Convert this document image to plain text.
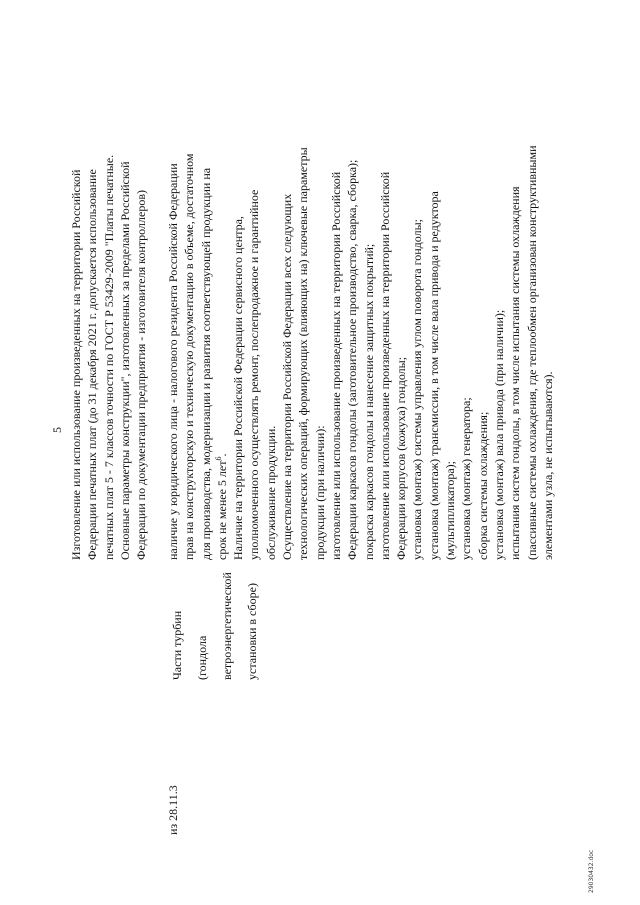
5
из 28.11.3
Части турбин (гондола ветроэнергетической установки в сборе)
Изготовление или использование произведенных на территории Российской Федерации печатных плат (до 31 декабря 2021 г. допускается использование печатных плат 5 - 7 классов точности по ГОСТ Р 53429-2009 "Платы печатные. Основные параметры конструкции", изготовленных за пределами Российской Федерации по документации предприятия - изготовителя контроллеров) наличие у юридического лица - налогового резидента Российской Федерации прав на конструкторскую и техническую документацию в объеме, достаточном для производства, модернизации и развития соответствующей продукции на срок не менее 5 лет$^6$. Наличие на территории Российской Федерации сервисного центра, уполномоченного осуществлять ремонт, послепродажное и гарантийное обслуживание продукции. Осуществление на территории Российской Федерации всех следующих технологических операций, формирующих (влияющих на) ключевые параметры продукции (при наличии): изготовление или использование произведенных на территории Российской Федерации каркасов гондолы (заготовительное производство, сварка, сборка); покраска каркасов гондолы и нанесение защитных покрытий; изготовление или использование произведенных на территории Российской Федерации корпусов (кожуха) гондолы; установка (монтаж) системы управления углом поворота гондолы; установка (монтаж) трансмиссии, в том числе вала привода и редуктора (мультипликатора); установка (монтаж) генератора; сборка системы охлаждения; установка (монтаж) вала привода (при наличии); испытания систем гондолы, в том числе испытания системы охлаждения (пассивные системы охлаждения, где теплообмен организован конструктивными элементами узла, не испытываются).
29030432.doc
